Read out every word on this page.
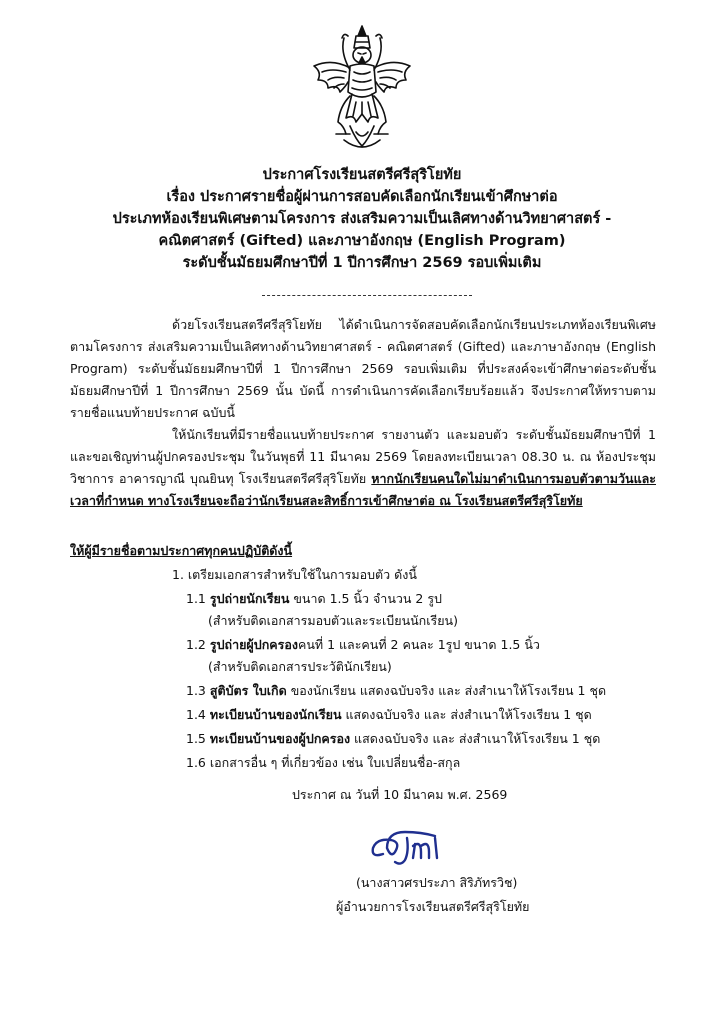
ประกาศโรงเรียนสตรีศรีสุริโยทัย
เรื่อง ประกาศรายชื่อผู้ผ่านการสอบคัดเลือกนักเรียนเข้าศึกษาต่อ
ประเภทห้องเรียนพิเศษตามโครงการ ส่งเสริมความเป็นเลิศทางด้านวิทยาศาสตร์ -
คณิตศาสตร์ (Gifted) และภาษาอังกฤษ (English Program)
ระดับชั้นมัธยมศึกษาปีที่ 1 ปีการศึกษา 2569 รอบเพิ่มเติม
ด้วยโรงเรียนสตรีศรีสุริโยทัย ได้ดำเนินการจัดสอบคัดเลือกนักเรียนประเภทห้องเรียนพิเศษตามโครงการ ส่งเสริมความเป็นเลิศทางด้านวิทยาศาสตร์ - คณิตศาสตร์ (Gifted) และภาษาอังกฤษ (English Program) ระดับชั้นมัธยมศึกษาปีที่ 1 ปีการศึกษา 2569 รอบเพิ่มเติม ที่ประสงค์จะเข้าศึกษาต่อระดับชั้นมัธยมศึกษาปีที่ 1 ปีการศึกษา 2569 นั้น บัดนี้ การดำเนินการคัดเลือกเรียบร้อยแล้ว จึงประกาศให้ทราบตามรายชื่อแนบท้ายประกาศ ฉบับนี้
ให้นักเรียนที่มีรายชื่อแนบท้ายประกาศ รายงานตัว และมอบตัว ระดับชั้นมัธยมศึกษาปีที่ 1 และขอเชิญท่านผู้ปกครองประชุม ในวันพุธที่ 11 มีนาคม 2569 โดยลงทะเบียนเวลา 08.30 น. ณ ห้องประชุมวิชาการ อาคารญาณี บุณยินทุ โรงเรียนสตรีศรีสุริโยทัย หากนักเรียนคนใดไม่มาดำเนินการมอบตัวตามวันและเวลาที่กำหนด ทางโรงเรียนจะถือว่านักเรียนสละสิทธิ์การเข้าศึกษาต่อ ณ โรงเรียนสตรีศรีสุริโยทัย
ให้ผู้มีรายชื่อตามประกาศทุกคนปฏิบัติดังนี้
1. เตรียมเอกสารสำหรับใช้ในการมอบตัว ดังนี้
1.1 รูปถ่ายนักเรียน ขนาด 1.5 นิ้ว จำนวน 2 รูป
(สำหรับติดเอกสารมอบตัวและระเบียนนักเรียน)
1.2 รูปถ่ายผู้ปกครองคนที่ 1 และคนที่ 2 คนละ 1รูป ขนาด 1.5 นิ้ว
(สำหรับติดเอกสารประวัตินักเรียน)
1.3 สูติบัตร ใบเกิด ของนักเรียน แสดงฉบับจริง และ ส่งสำเนาให้โรงเรียน 1 ชุด
1.4 ทะเบียนบ้านของนักเรียน แสดงฉบับจริง และ ส่งสำเนาให้โรงเรียน 1 ชุด
1.5 ทะเบียนบ้านของผู้ปกครอง แสดงฉบับจริง และ ส่งสำเนาให้โรงเรียน 1 ชุด
1.6 เอกสารอื่น ๆ ที่เกี่ยวข้อง เช่น ใบเปลี่ยนชื่อ-สกุล
ประกาศ ณ วันที่ 10 มีนาคม พ.ศ. 2569
(นางสาวศรประภา สิริภัทรวิช)
ผู้อำนวยการโรงเรียนสตรีศรีสุริโยทัย
